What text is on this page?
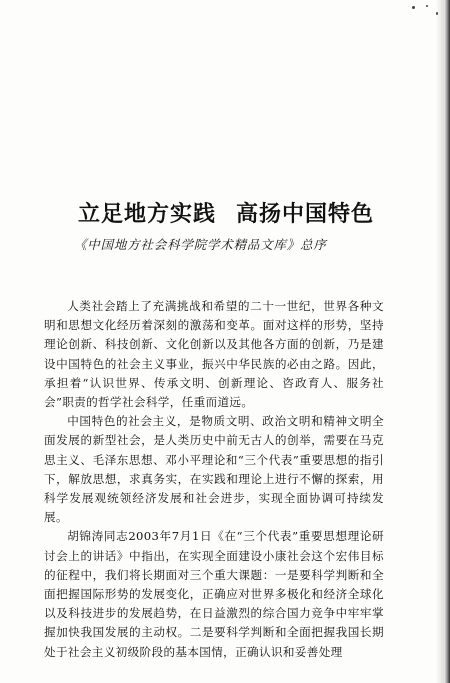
立足地方实践 高扬中国特色
《中国地方社会科学院学术精品文库》总序

人类社会踏上了充满挑战和希望的二十一世纪，世界各种文明和思想文化经历着深刻的激荡和变革。面对这样的形势，坚持理论创新、科技创新、文化创新以及其他各方面的创新，乃是建设中国特色的社会主义事业，振兴中华民族的必由之路。因此，承担着“认识世界、传承文明、创新理论、咨政育人、服务社会”职责的哲学社会科学，任重而道远。

中国特色的社会主义，是物质文明、政治文明和精神文明全面发展的新型社会，是人类历史中前无古人的创举，需要在马克思主义、毛泽东思想、邓小平理论和“三个代表”重要思想的指引下，解放思想，求真务实，在实践和理论上进行不懈的探索，用科学发展观统领经济发展和社会进步，实现全面协调可持续发展。

胡锦涛同志2003年7月1日《在“三个代表”重要思想理论研讨会上的讲话》中指出，在实现全面建设小康社会这个宏伟目标的征程中，我们将长期面对三个重大课题：一是要科学判断和全面把握国际形势的发展变化，正确应对世界多极化和经济全球化以及科技进步的发展趋势，在日益激烈的综合国力竞争中牢牢掌握加快我国发展的主动权。二是要科学判断和全面把握我国长期处于社会主义初级阶段的基本国情，正确认识和妥善处理
